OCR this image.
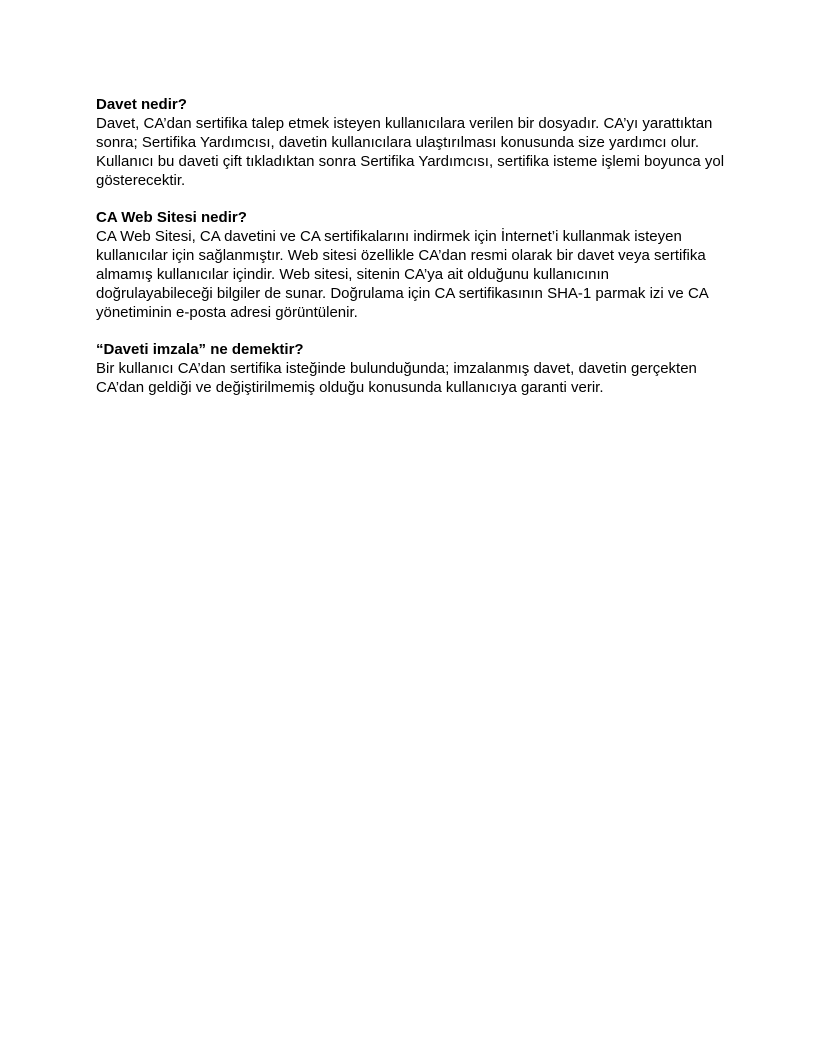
Davet nedir?

Davet, CA’dan sertifika talep etmek isteyen kullanıcılara verilen bir dosyadır. CA’yı yarattıktan sonra; Sertifika Yardımcısı, davetin kullanıcılara ulaştırılması konusunda size yardımcı olur. Kullanıcı bu daveti çift tıkladıktan sonra Sertifika Yardımcısı, sertifika isteme işlemi boyunca yol gösterecektir.

CA Web Sitesi nedir?

CA Web Sitesi, CA davetini ve CA sertifikalarını indirmek için İnternet’i kullanmak isteyen kullanıcılar için sağlanmıştır. Web sitesi özellikle CA’dan resmi olarak bir davet veya sertifika almamış kullanıcılar içindir. Web sitesi, sitenin CA’ya ait olduğunu kullanıcının doğrulayabileceği bilgiler de sunar. Doğrulama için CA sertifikasının SHA-1 parmak izi ve CA yönetiminin e-posta adresi görüntülenir.

“Daveti imzala” ne demektir?

Bir kullanıcı CA’dan sertifika isteğinde bulunduğunda; imzalanmış davet, davetin gerçekten CA’dan geldiği ve değiştirilmemiş olduğu konusunda kullanıcıya garanti verir.
